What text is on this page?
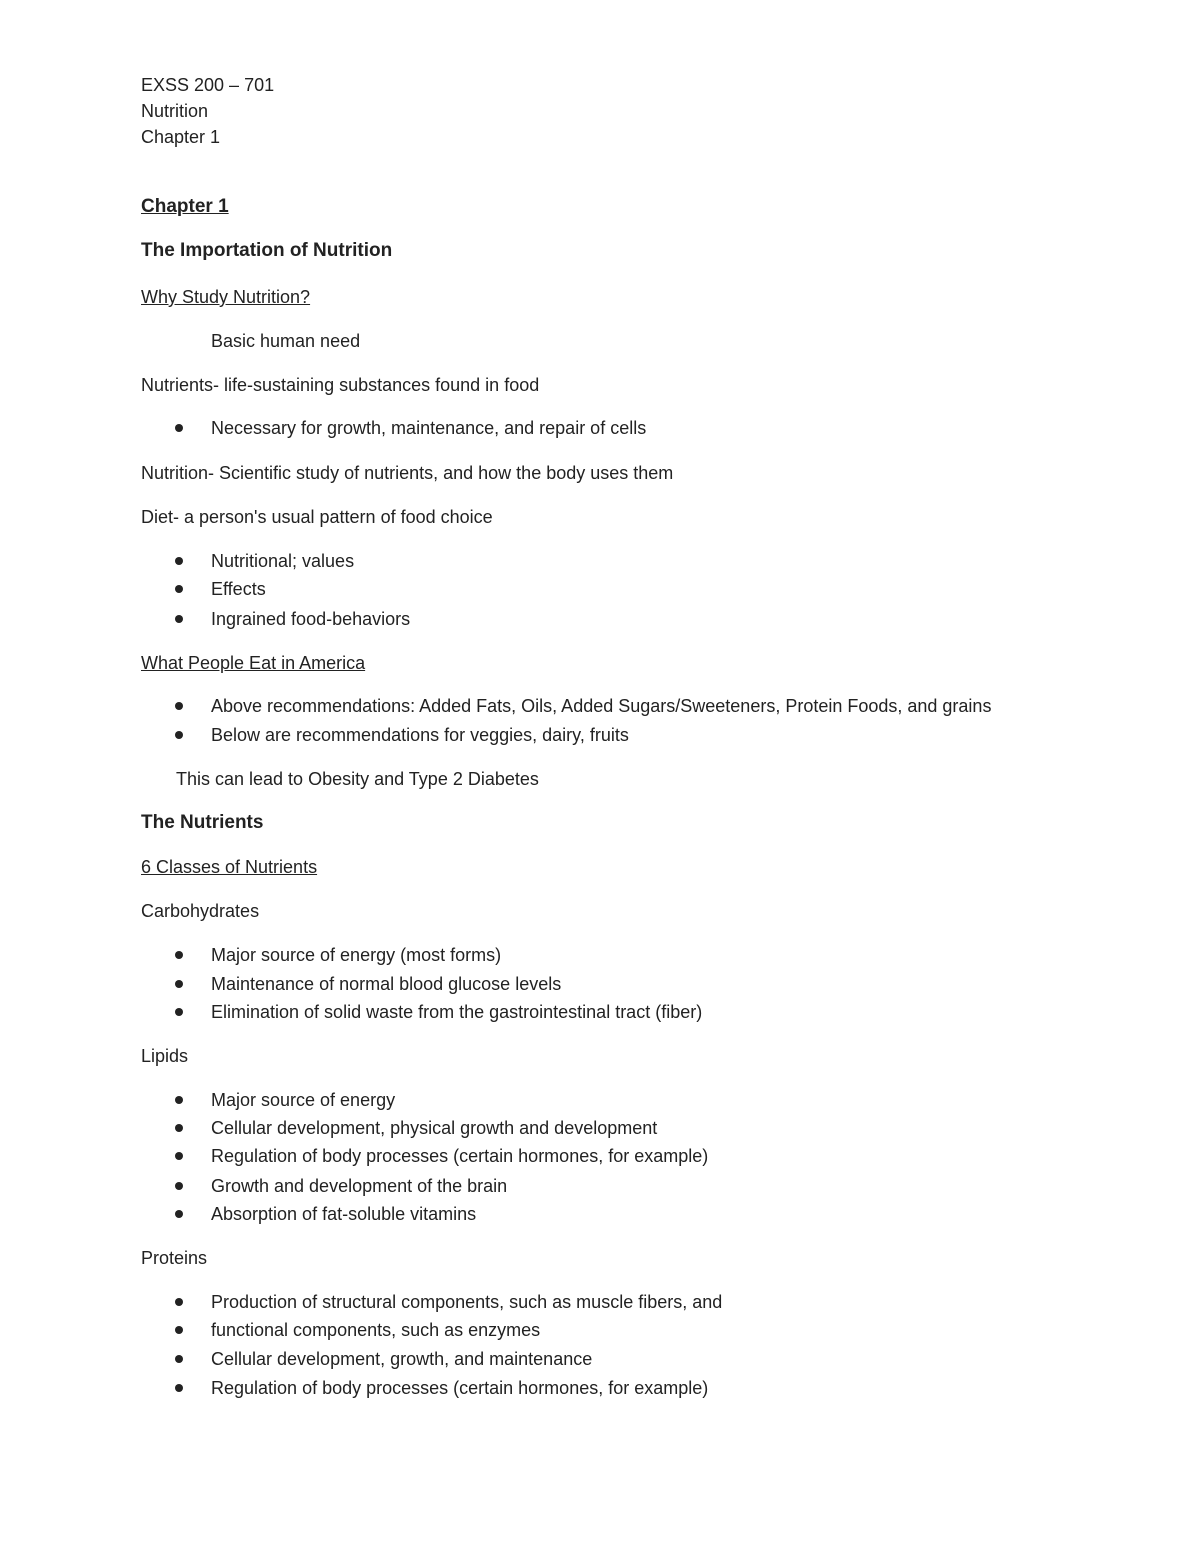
EXSS 200 – 701
Nutrition
Chapter 1
Chapter 1
The Importation of Nutrition
Why Study Nutrition?
Basic human need
Nutrients- life-sustaining substances found in food
Necessary for growth, maintenance, and repair of cells
Nutrition- Scientific study of nutrients, and how the body uses them
Diet- a person's usual pattern of food choice
Nutritional; values
Effects
Ingrained food-behaviors
What People Eat in America
Above recommendations: Added Fats, Oils, Added Sugars/Sweeteners, Protein Foods, and grains
Below are recommendations for veggies, dairy, fruits
This can lead to Obesity and Type 2 Diabetes
The Nutrients
6 Classes of Nutrients
Carbohydrates
Major source of energy (most forms)
Maintenance of normal blood glucose levels
Elimination of solid waste from the gastrointestinal tract (fiber)
Lipids
Major source of energy
Cellular development, physical growth and development
Regulation of body processes (certain hormones, for example)
Growth and development of the brain
Absorption of fat-soluble vitamins
Proteins
Production of structural components, such as muscle fibers, and
functional components, such as enzymes
Cellular development, growth, and maintenance
Regulation of body processes (certain hormones, for example)
